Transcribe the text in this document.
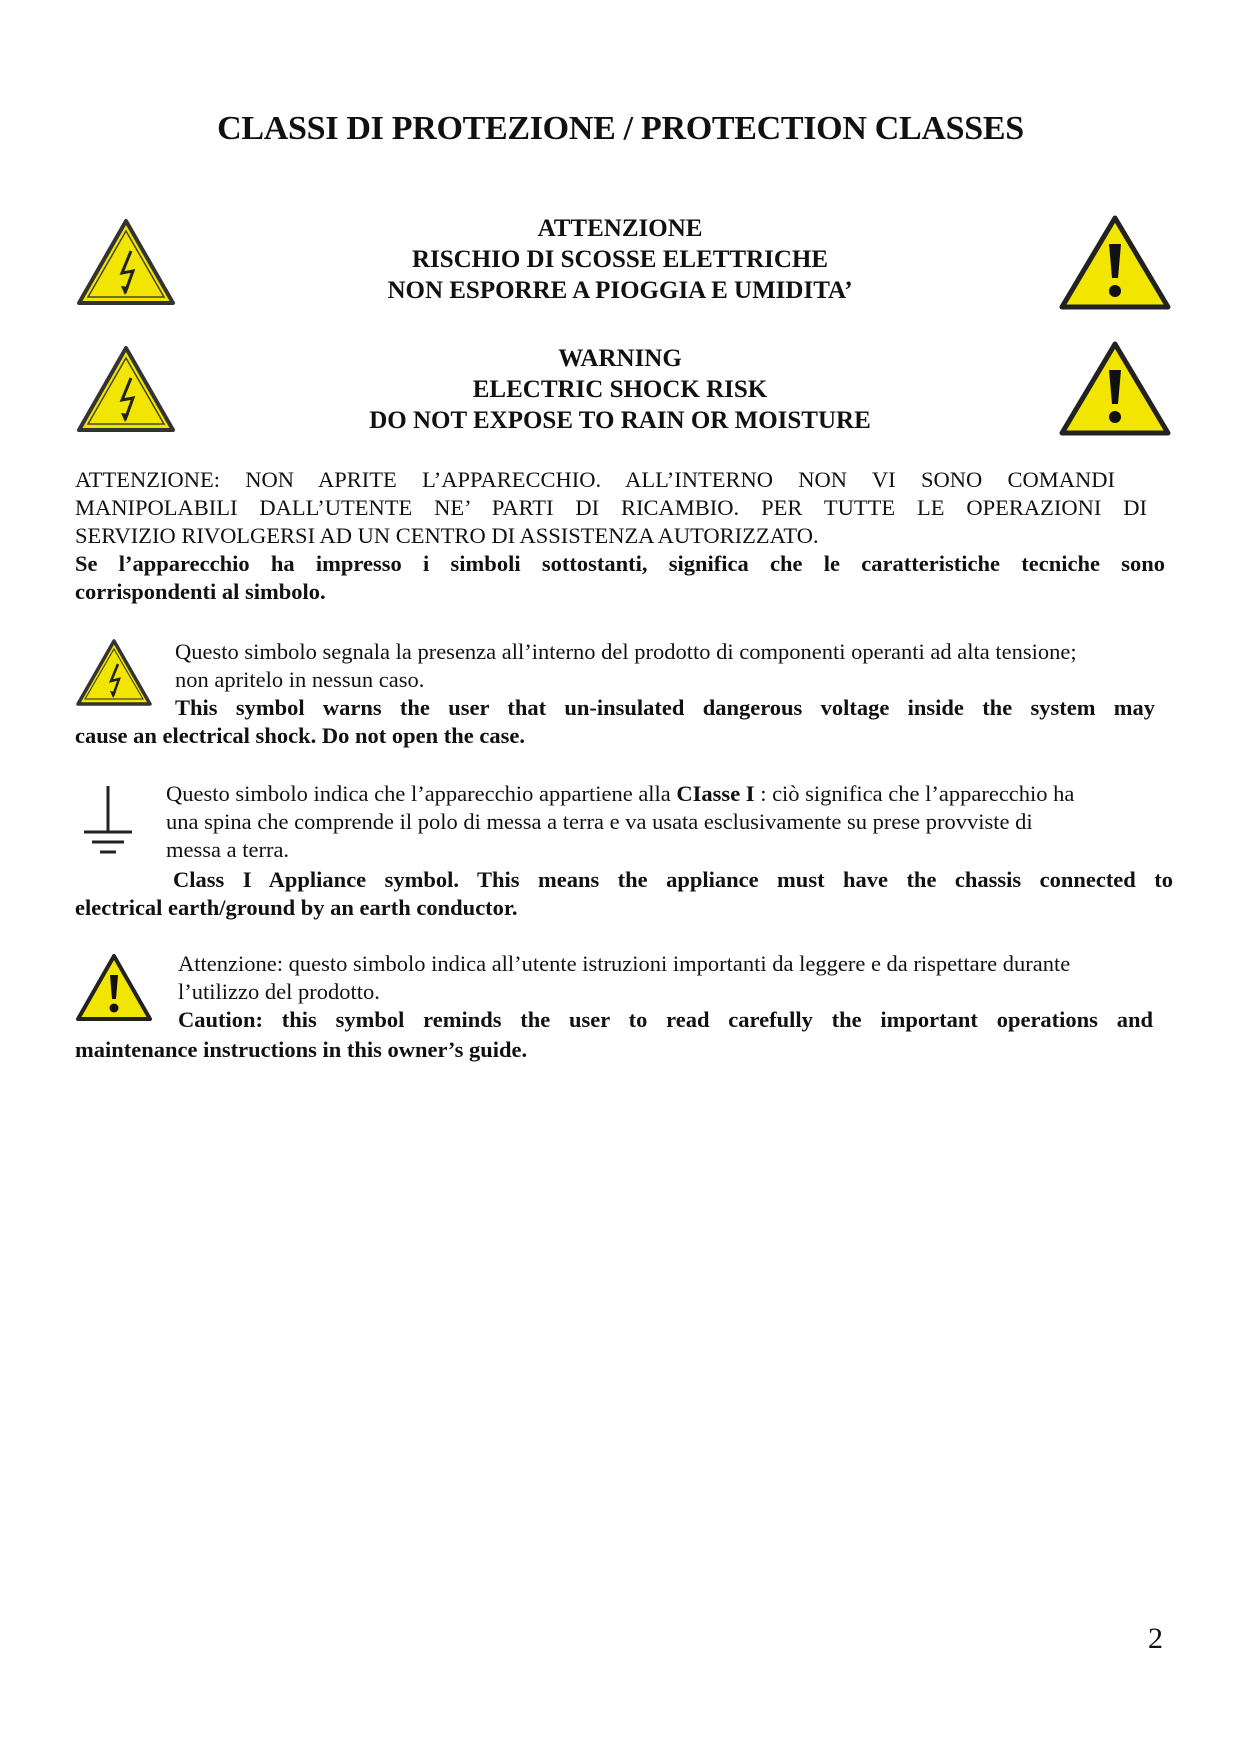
CLASSI DI PROTEZIONE / PROTECTION CLASSES
ATTENZIONE
RISCHIO DI SCOSSE ELETTRICHE
NON ESPORRE A PIOGGIA E UMIDITA’
WARNING
ELECTRIC SHOCK RISK
DO NOT EXPOSE TO RAIN OR MOISTURE
ATTENZIONE: NON APRITE L’APPARECCHIO. ALL’INTERNO NON VI SONO COMANDI
MANIPOLABILI DALL’UTENTE NE’ PARTI DI RICAMBIO. PER TUTTE LE OPERAZIONI DI
SERVIZIO RIVOLGERSI AD UN CENTRO DI ASSISTENZA AUTORIZZATO.
Se l’apparecchio ha impresso i simboli sottostanti, significa che le caratteristiche tecniche sono
corrispondenti al simbolo.
Questo simbolo segnala la presenza all’interno del prodotto di componenti operanti ad alta tensione;
non apritelo in nessun caso.
This symbol warns the user that un-insulated dangerous voltage inside the system may
cause an electrical shock. Do not open the case.
Questo simbolo indica che l’apparecchio appartiene alla CIasse I : ciò significa che l’apparecchio ha
una spina che comprende il polo di messa a terra e va usata esclusivamente su prese provviste di
messa a terra.
Class I Appliance symbol. This means the appliance must have the chassis connected to
electrical earth/ground by an earth conductor.
Attenzione: questo simbolo indica all’utente istruzioni importanti da leggere e da rispettare durante
l’utilizzo del prodotto.
Caution: this symbol reminds the user to read carefully the important operations and
maintenance instructions in this owner’s guide.
2
